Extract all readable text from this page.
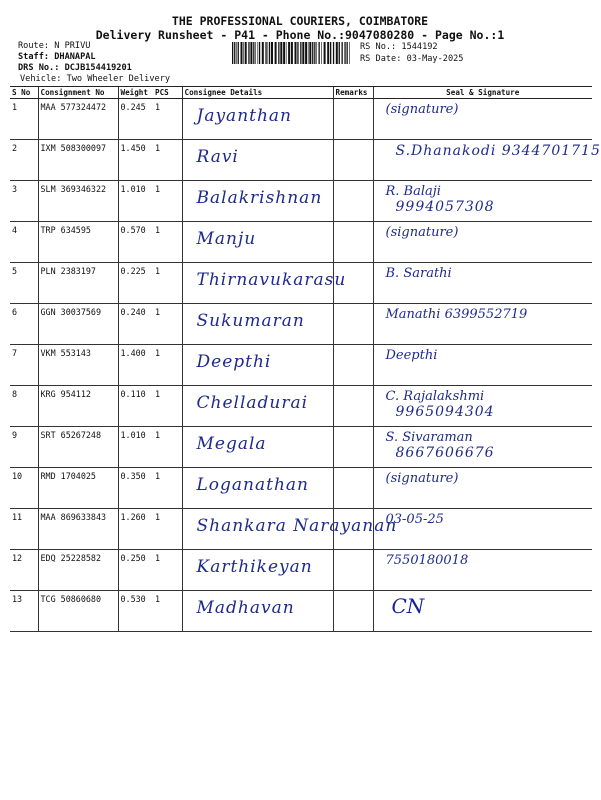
THE PROFESSIONAL COURIERS, COIMBATORE
Delivery Runsheet - P41 - Phone No.:9047080280 - Page No.:1
Route: N PRIVU
Staff: DHANAPAL
DRS No.: DCJB154419201
Vehicle: Two Wheeler Delivery
RS No.: 1544192
RS Date: 03-May-2025
S No	Consignment No	Weight	PCS	Consignee Details	Remarks	Seal & Signature
1	MAA 577324472	0.245	1	Jayanthan		(signature)

2	IXM 508300097	1.450	1	Ravi		S.Dhanakodi 9344701715

3	SLM 369346322	1.010	1	Balakrishnan		R. Balaji
9994057308

4	TRP 634595	0.570	1	Manju		(signature)

5	PLN 2383197	0.225	1	Thirnavukarasu		B. Sarathi

6	GGN 30037569	0.240	1	Sukumaran		Manathi 6399552719

7	VKM 553143	1.400	1	Deepthi		Deepthi

8	KRG 954112	0.110	1	Chelladurai		C. Rajalakshmi
9965094304

9	SRT 65267248	1.010	1	Megala		S. Sivaraman
8667606676

10	RMD 1704025	0.350	1	Loganathan		(signature)

11	MAA 869633843	1.260	1	Shankara Narayanan		03-05-25

12	EDQ 25228582	0.250	1	Karthikeyan		7550180018

13	TCG 50860680	0.530	1	Madhavan		CN
